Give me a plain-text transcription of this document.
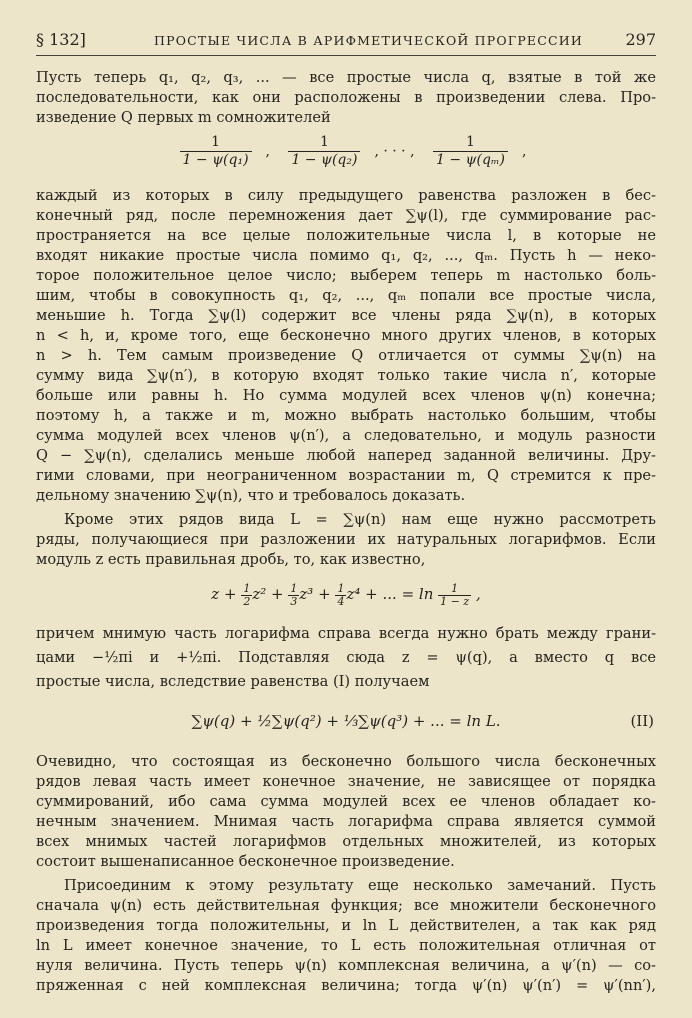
§ 132]	ПРОСТЫЕ ЧИСЛА В АРИФМЕТИЧЕСКОЙ ПРОГРЕССИИ	297

Пусть теперь q₁, q₂, q₃, ... — все простые числа q, взятые в той же

последовательности, как они расположены в произведении слева. Про-

изведение Q первых m сомножителей

$\frac{1}{\text{1 − ψ(q₁)}}$ , $\frac{1}{\text{1 − ψ(q₂)}}$ , · · · , $\frac{1}{\text{1 − ψ(qₘ)}}$ ,

каждый из которых в силу предыдущего равенства разложен в бес-

конечный ряд, после перемножения дает ∑ψ(l), где суммирование рас-

пространяется на все целые положительные числа l, в которые не

входят никакие простые числа помимо q₁, q₂, ..., qₘ. Пусть h — неко-

торое положительное целое число; выберем теперь m настолько боль-

шим, чтобы в совокупность q₁, q₂, ..., qₘ попали все простые числа,

меньшие h. Тогда ∑ψ(l) содержит все члены ряда ∑ψ(n), в которых

n < h, и, кроме того, еще бесконечно много других членов, в которых

n > h. Тем самым произведение Q отличается от суммы ∑ψ(n) на

сумму вида ∑ψ(n′), в которую входят только такие числа n′, которые

больше или равны h. Но сумма модулей всех членов ψ(n) конечна;

поэтому h, а также и m, можно выбрать настолько большим, чтобы

сумма модулей всех членов ψ(n′), а следовательно, и модуль разности

Q − ∑ψ(n), сделались меньше любой наперед заданной величины. Дру-

гими словами, при неограниченном возрастании m, Q стремится к пре-

дельному значению ∑ψ(n), что и требовалось доказать.

Кроме этих рядов вида L = ∑ψ(n) нам еще нужно рассмотреть

ряды, получающиеся при разложении их натуральных логарифмов. Если

модуль z есть правильная дробь, то, как известно,

$z + \frac{1}{2} z^2 + \frac{1}{3} z^3 + \frac{1}{4} z^4$ + ... = $\ln \frac{1}{1 - z}$ ,

причем мнимую часть логарифма справа всегда нужно брать между грани-

цами −½πi и +½πi. Подставляя сюда z = ψ(q), а вместо q все

простые числа, вследствие равенства (I) получаем

∑ψ(q) + ½∑ψ(q²) + ⅓∑ψ(q³) + ... = ln L.	(II)

Очевидно, что состоящая из бесконечно большого числа бесконечных

рядов левая часть имеет конечное значение, не зависящее от порядка

суммирований, ибо сама сумма модулей всех ее членов обладает ко-

нечным значением. Мнимая часть логарифма справа является суммой

всех мнимых частей логарифмов отдельных множителей, из которых

состоит вышенаписанное бесконечное произведение.

Присоединим к этому результату еще несколько замечаний. Пусть

сначала ψ(n) есть действительная функция; все множители бесконечного

произведения тогда положительны, и ln L действителен, а так как ряд

ln L имеет конечное значение, то L есть положительная отличная от

нуля величина. Пусть теперь ψ(n) комплексная величина, а ψ′(n) — со-

пряженная с ней комплексная величина; тогда ψ′(n) ψ′(n′) = ψ′(nn′),
